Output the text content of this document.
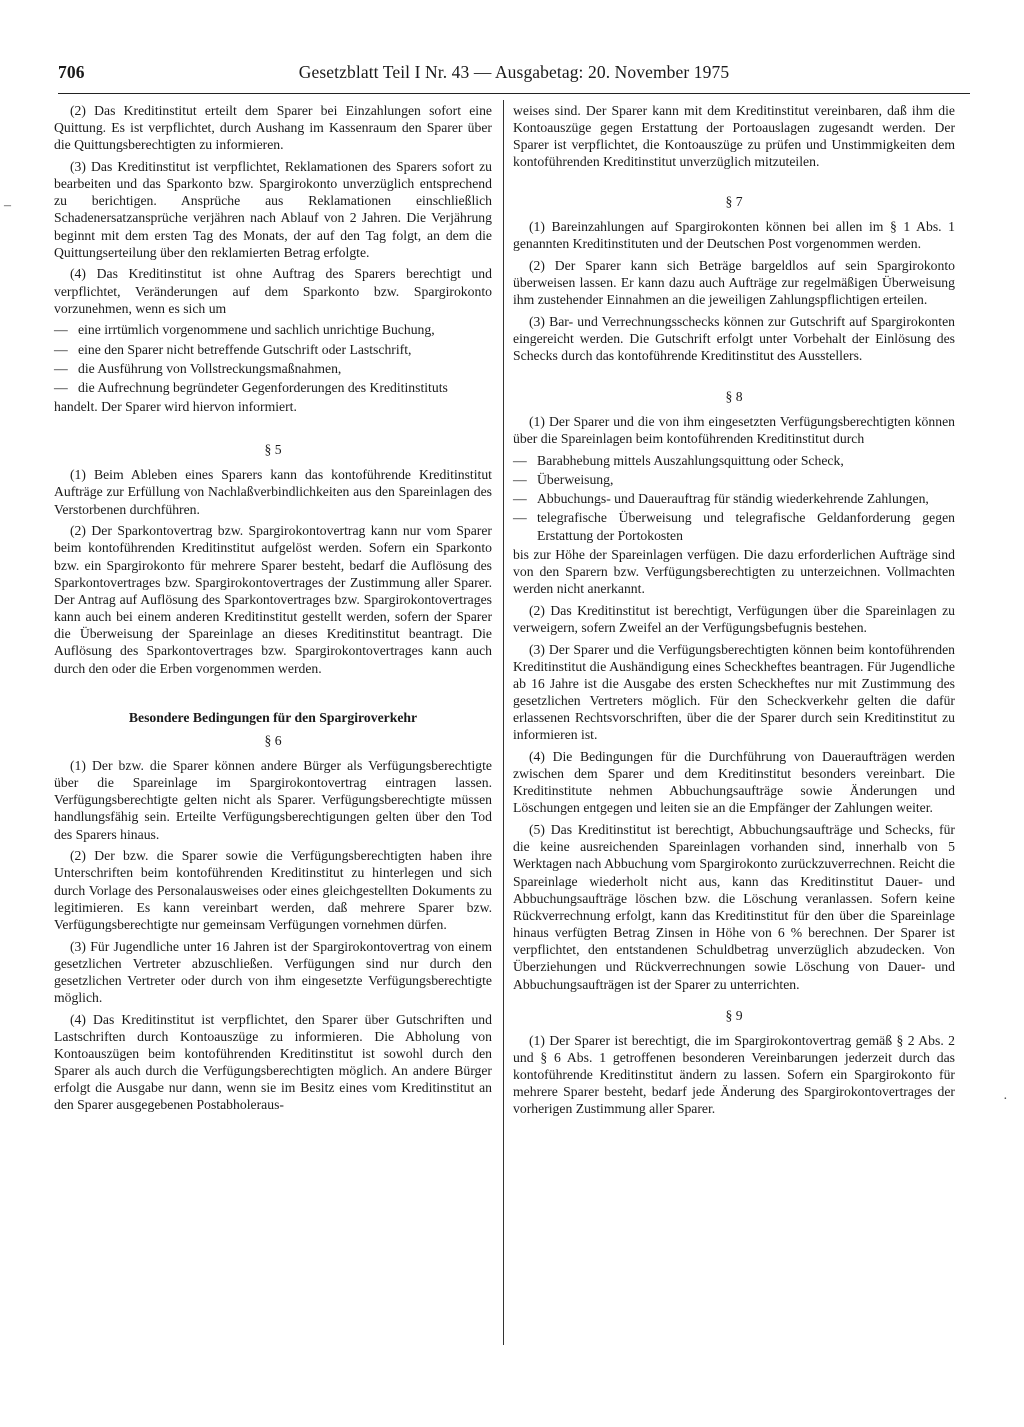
706	Gesetzblatt Teil I Nr. 43 — Ausgabetag: 20. November 1975

(2) Das Kreditinstitut erteilt dem Sparer bei Einzahlungen sofort eine Quittung. Es ist verpflichtet, durch Aushang im Kassenraum den Sparer über die Quittungsberechtigten zu informieren.

(3) Das Kreditinstitut ist verpflichtet, Reklamationen des Sparers sofort zu bearbeiten und das Sparkonto bzw. Spargirokonto unverzüglich entsprechend zu berichtigen. Ansprüche aus Reklamationen einschließlich Schadenersatzansprüche verjähren nach Ablauf von 2 Jahren. Die Verjährung beginnt mit dem ersten Tag des Monats, der auf den Tag folgt, an dem die Quittungserteilung über den reklamierten Betrag erfolgte.

(4) Das Kreditinstitut ist ohne Auftrag des Sparers berechtigt und verpflichtet, Veränderungen auf dem Sparkonto bzw. Spargirokonto vorzunehmen, wenn es sich um

— eine irrtümlich vorgenommene und sachlich unrichtige Buchung,

— eine den Sparer nicht betreffende Gutschrift oder Lastschrift,

— die Ausführung von Vollstreckungsmaßnahmen,

— die Aufrechnung begründeter Gegenforderungen des Kreditinstituts

handelt. Der Sparer wird hiervon informiert.

§ 5

(1) Beim Ableben eines Sparers kann das kontoführende Kreditinstitut Aufträge zur Erfüllung von Nachlaßverbindlichkeiten aus den Spareinlagen des Verstorbenen durchführen.

(2) Der Sparkontovertrag bzw. Spargirokontovertrag kann nur vom Sparer beim kontoführenden Kreditinstitut aufgelöst werden. Sofern ein Sparkonto bzw. ein Spargirokonto für mehrere Sparer besteht, bedarf die Auflösung des Sparkontovertrages bzw. Spargirokontovertrages der Zustimmung aller Sparer. Der Antrag auf Auflösung des Sparkontovertrages bzw. Spargirokontovertrages kann auch bei einem anderen Kreditinstitut gestellt werden, sofern der Sparer die Überweisung der Spareinlage an dieses Kreditinstitut beantragt. Die Auflösung des Sparkontovertrages bzw. Spargirokontovertrages kann auch durch den oder die Erben vorgenommen werden.

Besondere Bedingungen für den Spargiroverkehr
§ 6

(1) Der bzw. die Sparer können andere Bürger als Verfügungsberechtigte über die Spareinlage im Spargirokontovertrag eintragen lassen. Verfügungsberechtigte gelten nicht als Sparer. Verfügungsberechtigte müssen handlungsfähig sein. Erteilte Verfügungsberechtigungen gelten über den Tod des Sparers hinaus.

(2) Der bzw. die Sparer sowie die Verfügungsberechtigten haben ihre Unterschriften beim kontoführenden Kreditinstitut zu hinterlegen und sich durch Vorlage des Personalausweises oder eines gleichgestellten Dokuments zu legitimieren. Es kann vereinbart werden, daß mehrere Sparer bzw. Verfügungsberechtigte nur gemeinsam Verfügungen vornehmen dürfen.

(3) Für Jugendliche unter 16 Jahren ist der Spargirokontovertrag von einem gesetzlichen Vertreter abzuschließen. Verfügungen sind nur durch den gesetzlichen Vertreter oder durch von ihm eingesetzte Verfügungsberechtigte möglich.

(4) Das Kreditinstitut ist verpflichtet, den Sparer über Gutschriften und Lastschriften durch Kontoauszüge zu informieren. Die Abholung von Kontoauszügen beim kontoführenden Kreditinstitut ist sowohl durch den Sparer als auch durch die Verfügungsberechtigten möglich. An andere Bürger erfolgt die Ausgabe nur dann, wenn sie im Besitz eines vom Kreditinstitut an den Sparer ausgegebenen Postabholeraus-

weises sind. Der Sparer kann mit dem Kreditinstitut vereinbaren, daß ihm die Kontoauszüge gegen Erstattung der Portoauslagen zugesandt werden. Der Sparer ist verpflichtet, die Kontoauszüge zu prüfen und Unstimmigkeiten dem kontoführenden Kreditinstitut unverzüglich mitzuteilen.

§ 7

(1) Bareinzahlungen auf Spargirokonten können bei allen im § 1 Abs. 1 genannten Kreditinstituten und der Deutschen Post vorgenommen werden.

(2) Der Sparer kann sich Beträge bargeldlos auf sein Spargirokonto überweisen lassen. Er kann dazu auch Aufträge zur regelmäßigen Überweisung ihm zustehender Einnahmen an die jeweiligen Zahlungspflichtigen erteilen.

(3) Bar- und Verrechnungsschecks können zur Gutschrift auf Spargirokonten eingereicht werden. Die Gutschrift erfolgt unter Vorbehalt der Einlösung des Schecks durch das kontoführende Kreditinstitut des Ausstellers.

§ 8

(1) Der Sparer und die von ihm eingesetzten Verfügungsberechtigten können über die Spareinlagen beim kontoführenden Kreditinstitut durch

— Barabhebung mittels Auszahlungsquittung oder Scheck,

— Überweisung,

— Abbuchungs- und Dauerauftrag für ständig wiederkehrende Zahlungen,

— telegrafische Überweisung und telegrafische Geldanforderung gegen Erstattung der Portokosten

bis zur Höhe der Spareinlagen verfügen. Die dazu erforderlichen Aufträge sind von den Sparern bzw. Verfügungsberechtigten zu unterzeichnen. Vollmachten werden nicht anerkannt.

(2) Das Kreditinstitut ist berechtigt, Verfügungen über die Spareinlagen zu verweigern, sofern Zweifel an der Verfügungsbefugnis bestehen.

(3) Der Sparer und die Verfügungsberechtigten können beim kontoführenden Kreditinstitut die Aushändigung eines Scheckheftes beantragen. Für Jugendliche ab 16 Jahre ist die Ausgabe des ersten Scheckheftes nur mit Zustimmung des gesetzlichen Vertreters möglich. Für den Scheckverkehr gelten die dafür erlassenen Rechtsvorschriften, über die der Sparer durch sein Kreditinstitut zu informieren ist.

(4) Die Bedingungen für die Durchführung von Daueraufträgen werden zwischen dem Sparer und dem Kreditinstitut besonders vereinbart. Die Kreditinstitute nehmen Abbuchungsaufträge sowie Änderungen und Löschungen entgegen und leiten sie an die Empfänger der Zahlungen weiter.

(5) Das Kreditinstitut ist berechtigt, Abbuchungsaufträge und Schecks, für die keine ausreichenden Spareinlagen vorhanden sind, innerhalb von 5 Werktagen nach Abbuchung vom Spargirokonto zurückzuverrechnen. Reicht die Spareinlage wiederholt nicht aus, kann das Kreditinstitut Dauer- und Abbuchungsaufträge löschen bzw. die Löschung veranlassen. Sofern keine Rückverrechnung erfolgt, kann das Kreditinstitut für den über die Spareinlage hinaus verfügten Betrag Zinsen in Höhe von 6 % berechnen. Der Sparer ist verpflichtet, den entstandenen Schuldbetrag unverzüglich abzudecken. Von Überziehungen und Rückverrechnungen sowie Löschung von Dauer- und Abbuchungsaufträgen ist der Sparer zu unterrichten.

§ 9

(1) Der Sparer ist berechtigt, die im Spargirokontovertrag gemäß § 2 Abs. 2 und § 6 Abs. 1 getroffenen besonderen Vereinbarungen jederzeit durch das kontoführende Kreditinstitut ändern zu lassen. Sofern ein Spargirokonto für mehrere Sparer besteht, bedarf jede Änderung des Spargirokontovertrages der vorherigen Zustimmung aller Sparer.

–
·
